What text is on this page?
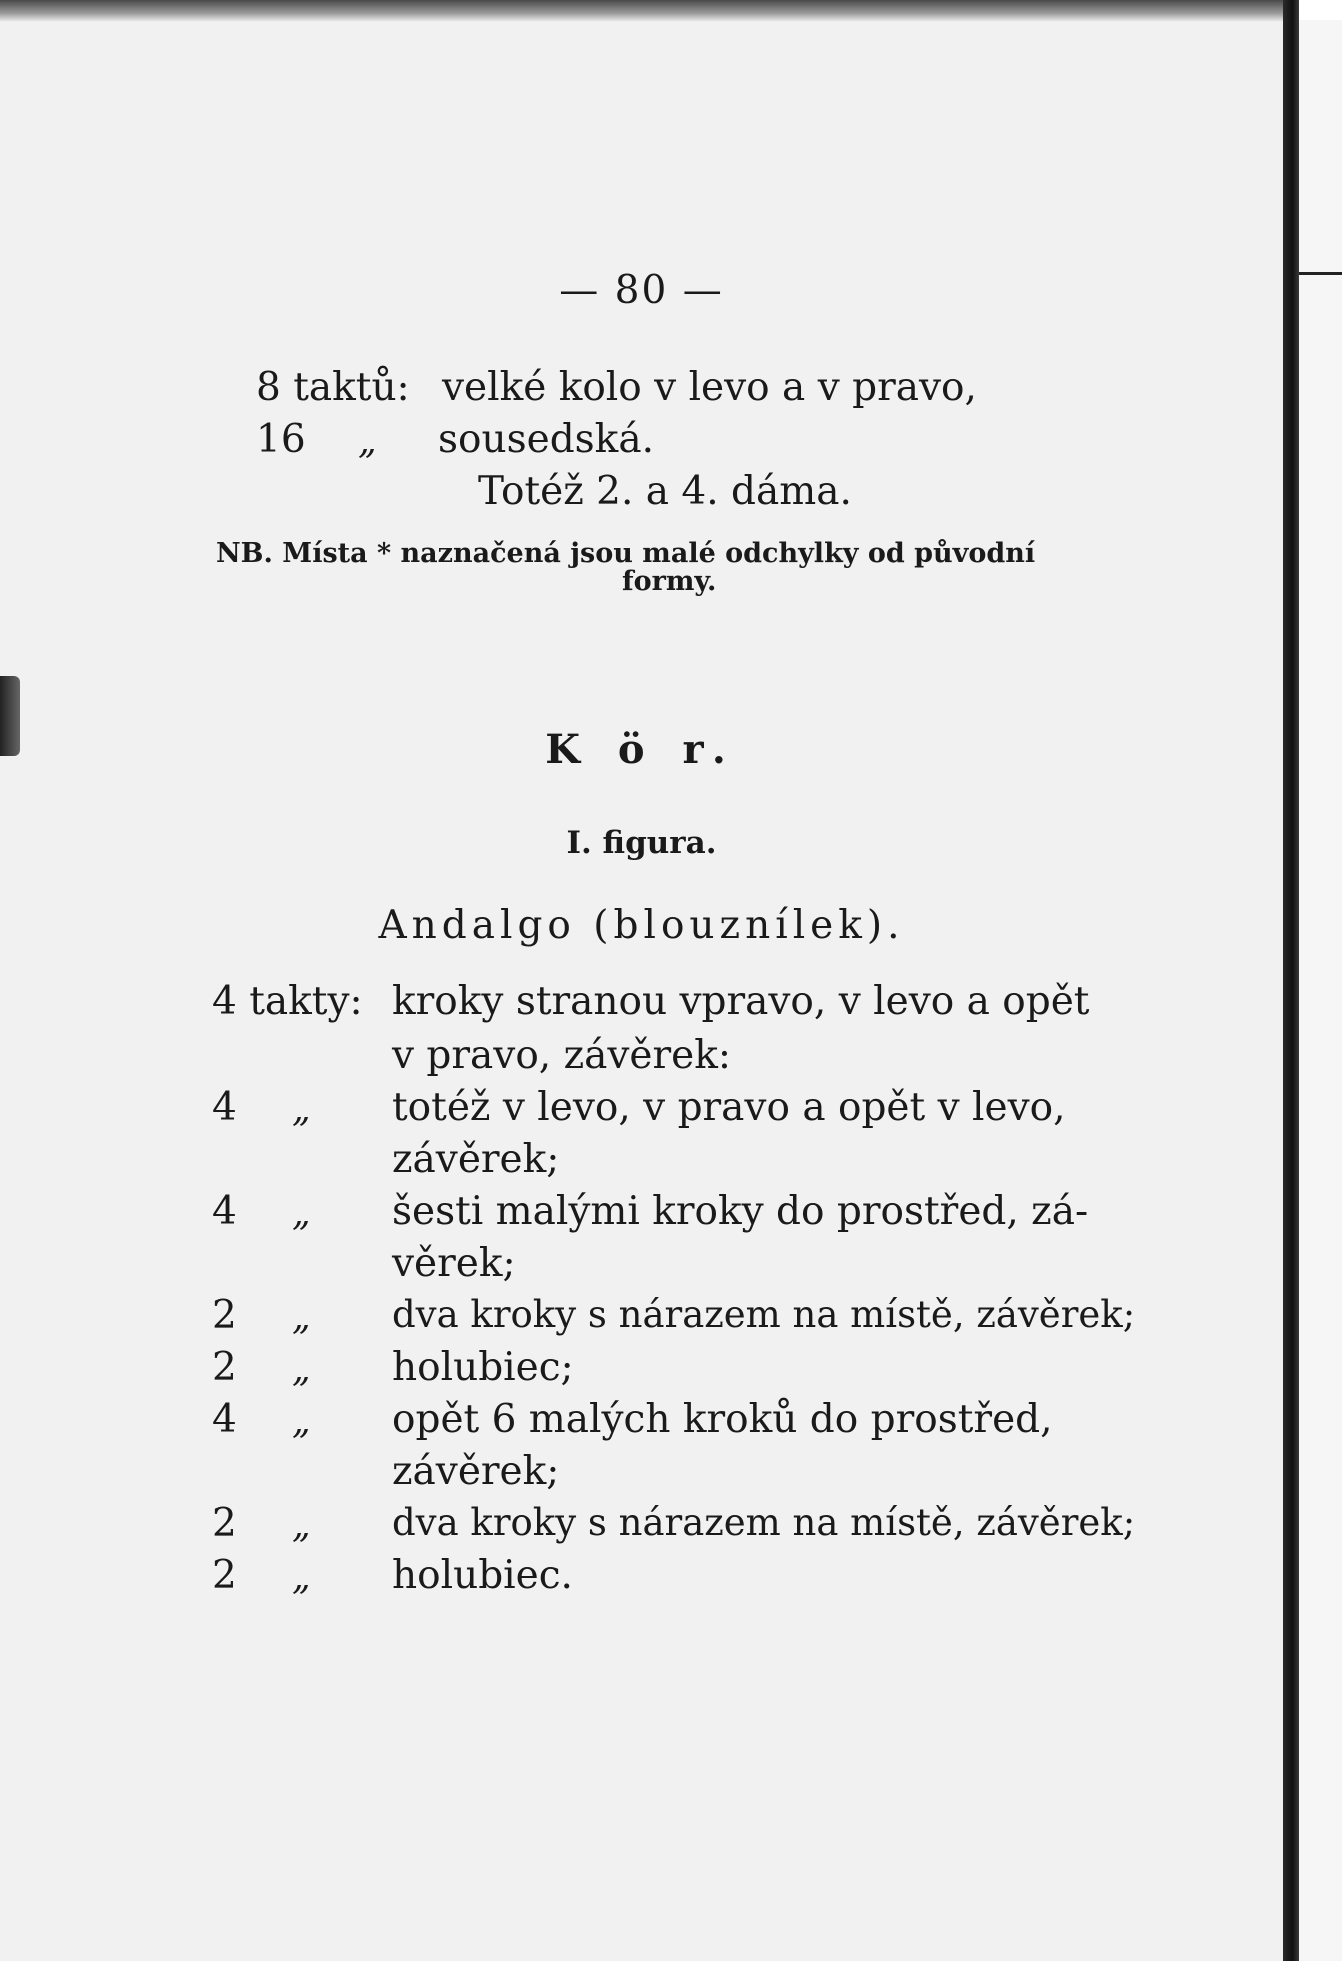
— 80 —
8 taktů: velké kolo v levo a v pravo,
16 „ sousedská.
Totéž 2. a 4. dáma.
NB. Místa * naznačená jsou malé odchylky od původní
formy.
K ö r.
I. figura.
Andalgo (blouznílek).
4 takty: kroky stranou vpravo, v levo a opět
v pravo, závěrek:
4 „ totéž v levo, v pravo a opět v levo,
závěrek;
4 „ šesti malými kroky do prostřed, zá-
věrek;
2 „ dva kroky s nárazem na místě, závěrek;
2 „ holubiec;
4 „ opět 6 malých kroků do prostřed,
závěrek;
2 „ dva kroky s nárazem na místě, závěrek;
2 „ holubiec.
